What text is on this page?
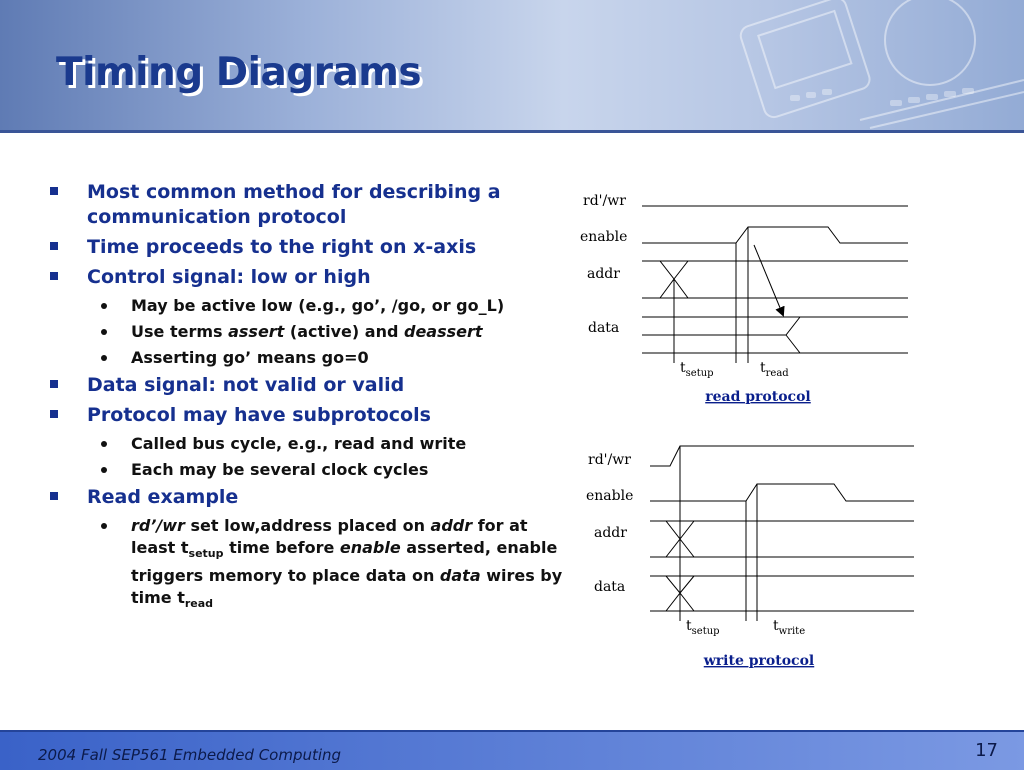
Timing Diagrams
Most common method for describing a communication protocol
Time proceeds to the right on x-axis
Control signal: low or high
May be active low (e.g., go’, /go, or go_L)
Use terms assert (active) and deassert
Asserting go’ means go=0
Data signal: not valid or valid
Protocol may have subprotocols
Called bus cycle, e.g., read and write
Each may be several clock cycles
Read example
rd’/wr set low,address placed on addr for at least $t_{setup}$ time before enable asserted, enable triggers memory to place data on data wires by time $t_{read}$
rd'/wr
enable
addr
data
$t_{setup}$	$t_{read}$
read protocol
rd'/wr
enable
addr
data
$t_{setup}$	$t_{write}$
write protocol
2004 Fall SEP561 Embedded Computing	17
